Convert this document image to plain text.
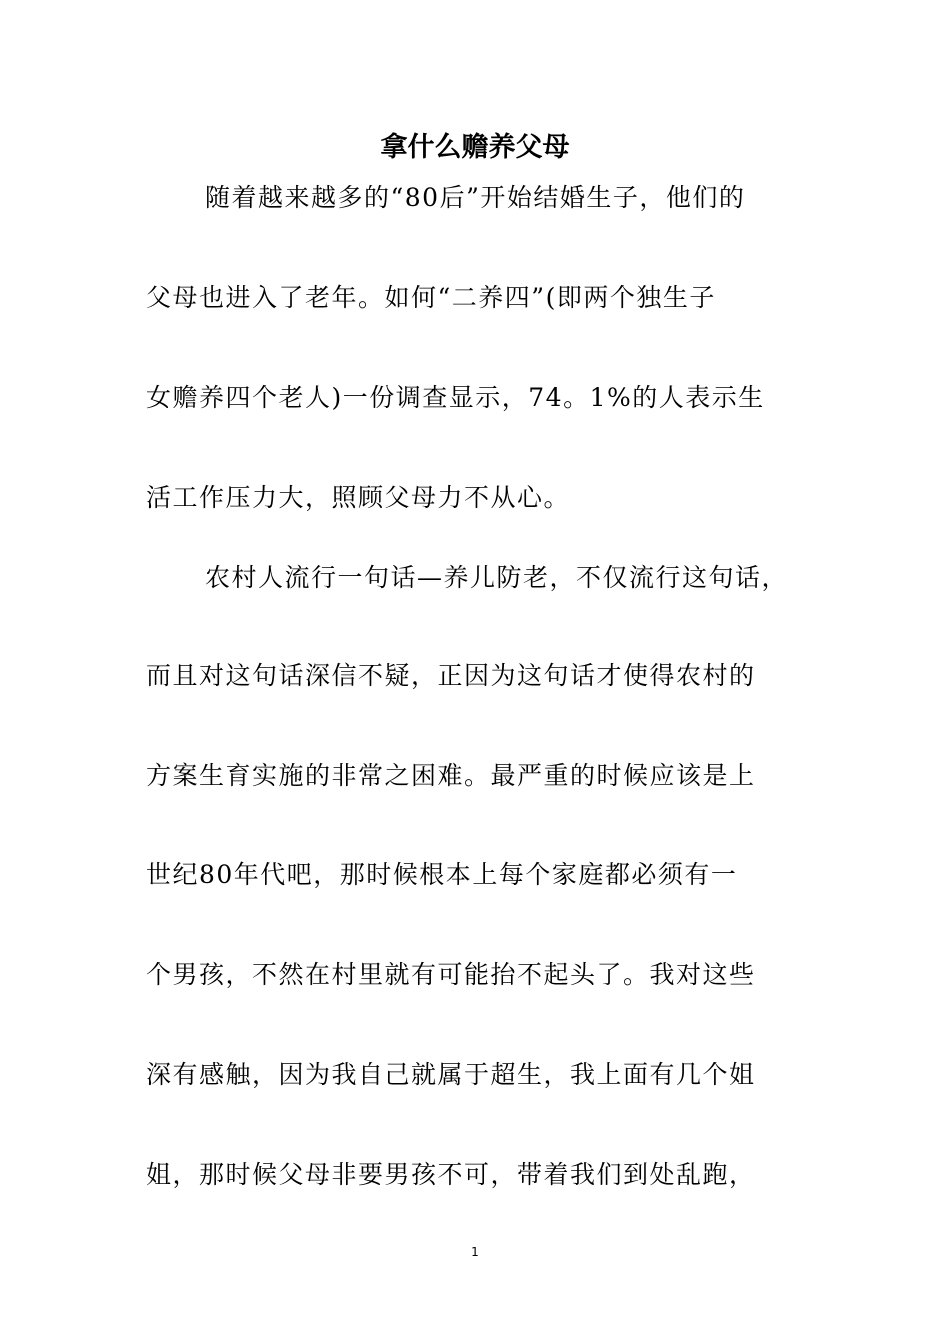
拿什么赡养父母

随着越来越多的“80后”开始结婚生子，他们的

父母也进入了老年。如何“二养四”(即两个独生子

女赡养四个老人)一份调查显示，74。1%的人表示生

活工作压力大，照顾父母力不从心。

农村人流行一句话—养儿防老，不仅流行这句话，

而且对这句话深信不疑，正因为这句话才使得农村的

方案生育实施的非常之困难。最严重的时候应该是上

世纪80年代吧，那时候根本上每个家庭都必须有一

个男孩，不然在村里就有可能抬不起头了。我对这些

深有感触，因为我自己就属于超生，我上面有几个姐

姐，那时候父母非要男孩不可，带着我们到处乱跑，

1
